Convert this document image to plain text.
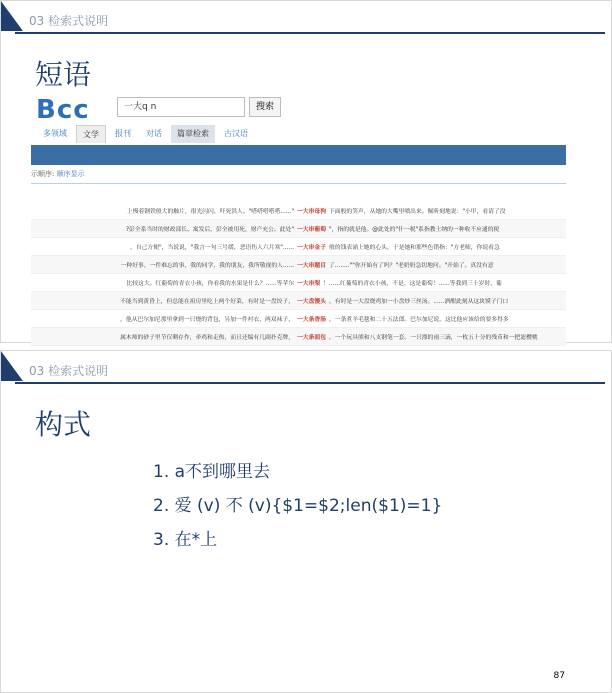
03 检索式说明
短语
Bcc	一大q n	搜索
多领域	文学	报刊	对话	篇章检索	古汉语
示顺序: 顺序显示
上慢着钢铁般大的触片，很光闪闪，吓死洪人。"嗒嗒嗒嗒嗒......" 一大串母狗 下面般的笑声，从她的大嘴里喷出来。佩昕刻地说："小甲，看请了没
?彭全系当时的财政部长、寓发后，彭全被用死，财产充公。此处" 一大串葡萄 "，指的就是他。@此处的"什一税"系指教士纳的一种收不应通的税
，自己方便"，当说说，"我言一句三号缓，恶语伤人六月寒"...... 一大串金子 般的钱表涌上她的心头，于是她和那些色错指："方老师，你说看急
一种好事，一件难忘的事，我的同学，我的朋友，我所敬视的人...... 一大串题目 了........""你开始有了吗？"老奶奶急切地问。"开始了。真没有意
比较这大。红葡萄的青衣小孩，你看我的水果是什么？......等苹尔 一大串梨 ！......红葡萄的青衣小孩，不是，这是葡萄！......等我到三十岁时，葡
不能当到黄昏上，但总能在祖房里吃上两个好菜，有时是一盘饺子， 一大盘馒头 ，有时是一大盘烧鸡加一小盘炒三丝汤。......酒酣此刻从这块馍子门口
，他从巴尔加尼那里拿到一只烧的背包，另加一件衬衣，两双袜子， 一大条香肠 ，一条煮羊毛毯和二十五法郎。巴尔加尼说，这比他应该给的要多得多
属木师的砂子里节仅剩存作，牵鸡和走热，而且还编有几副扑克牌， 一大条面包 ，一个玩具熊和八支钢笔一套。一只漂的雨三滴，一枚五十分的残币和一把滤樱桃
03 检索式说明
构式
1. a不到哪里去
2. 爱 (v) 不 (v){$1=$2;len($1)=1}
3. 在*上
87
